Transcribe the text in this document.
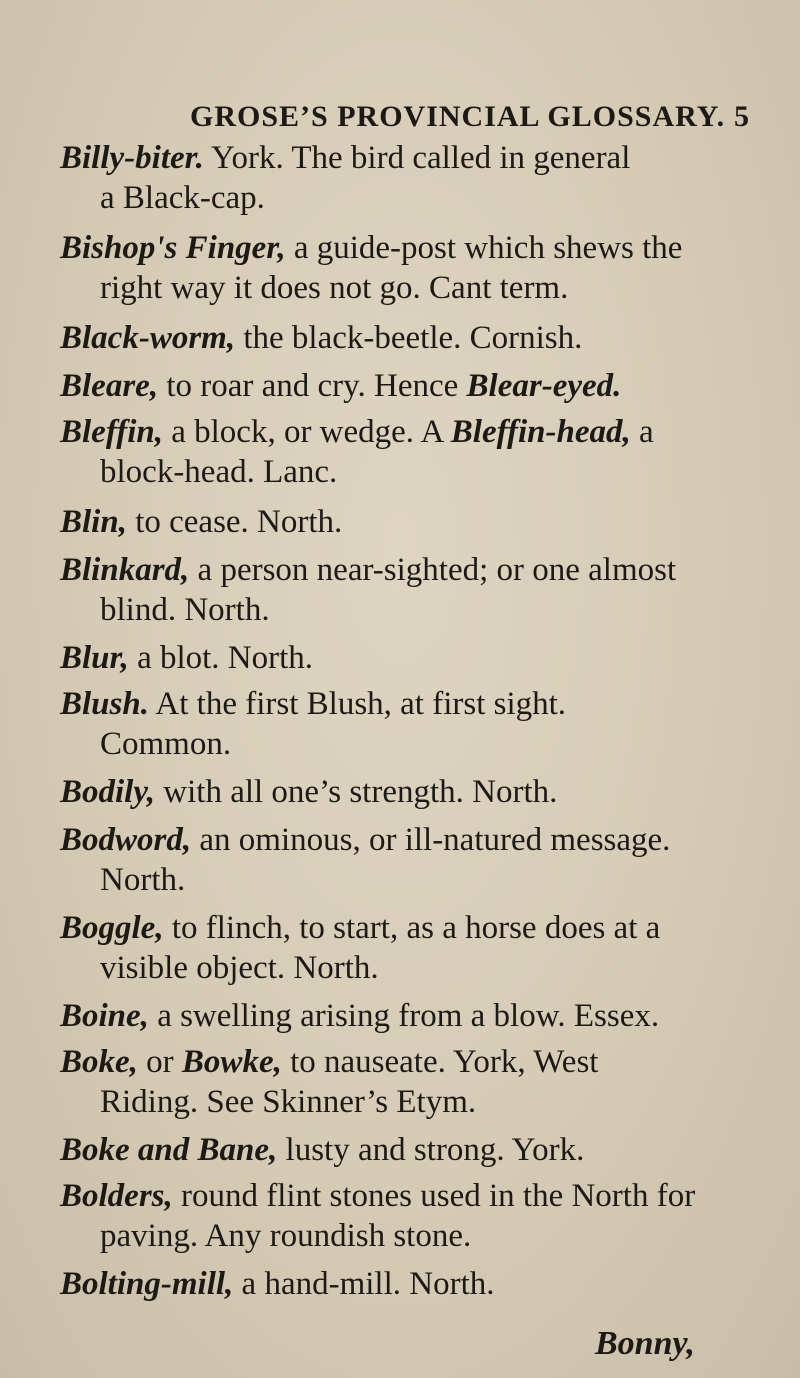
GROSE’S PROVINCIAL GLOSSARY. 5
Billy-biter. York. The bird called in general
a Black-cap.
Bishop's Finger, a guide-post which shews the
right way it does not go. Cant term.
Black-worm, the black-beetle. Cornish.
Bleare, to roar and cry. Hence Blear-eyed.
Bleffin, a block, or wedge. A Bleffin-head, a
block-head. Lanc.
Blin, to cease. North.
Blinkard, a person near-sighted; or one almost
blind. North.
Blur, a blot. North.
Blush. At the first Blush, at first sight.
Common.
Bodily, with all one’s strength. North.
Bodword, an ominous, or ill-natured message.
North.
Boggle, to flinch, to start, as a horse does at a
visible object. North.
Boine, a swelling arising from a blow. Essex.
Boke, or Bowke, to nauseate. York, West
Riding. See Skinner’s Etym.
Boke and Bane, lusty and strong. York.
Bolders, round flint stones used in the North for
paving. Any roundish stone.
Bolting-mill, a hand-mill. North.
Bonny,
